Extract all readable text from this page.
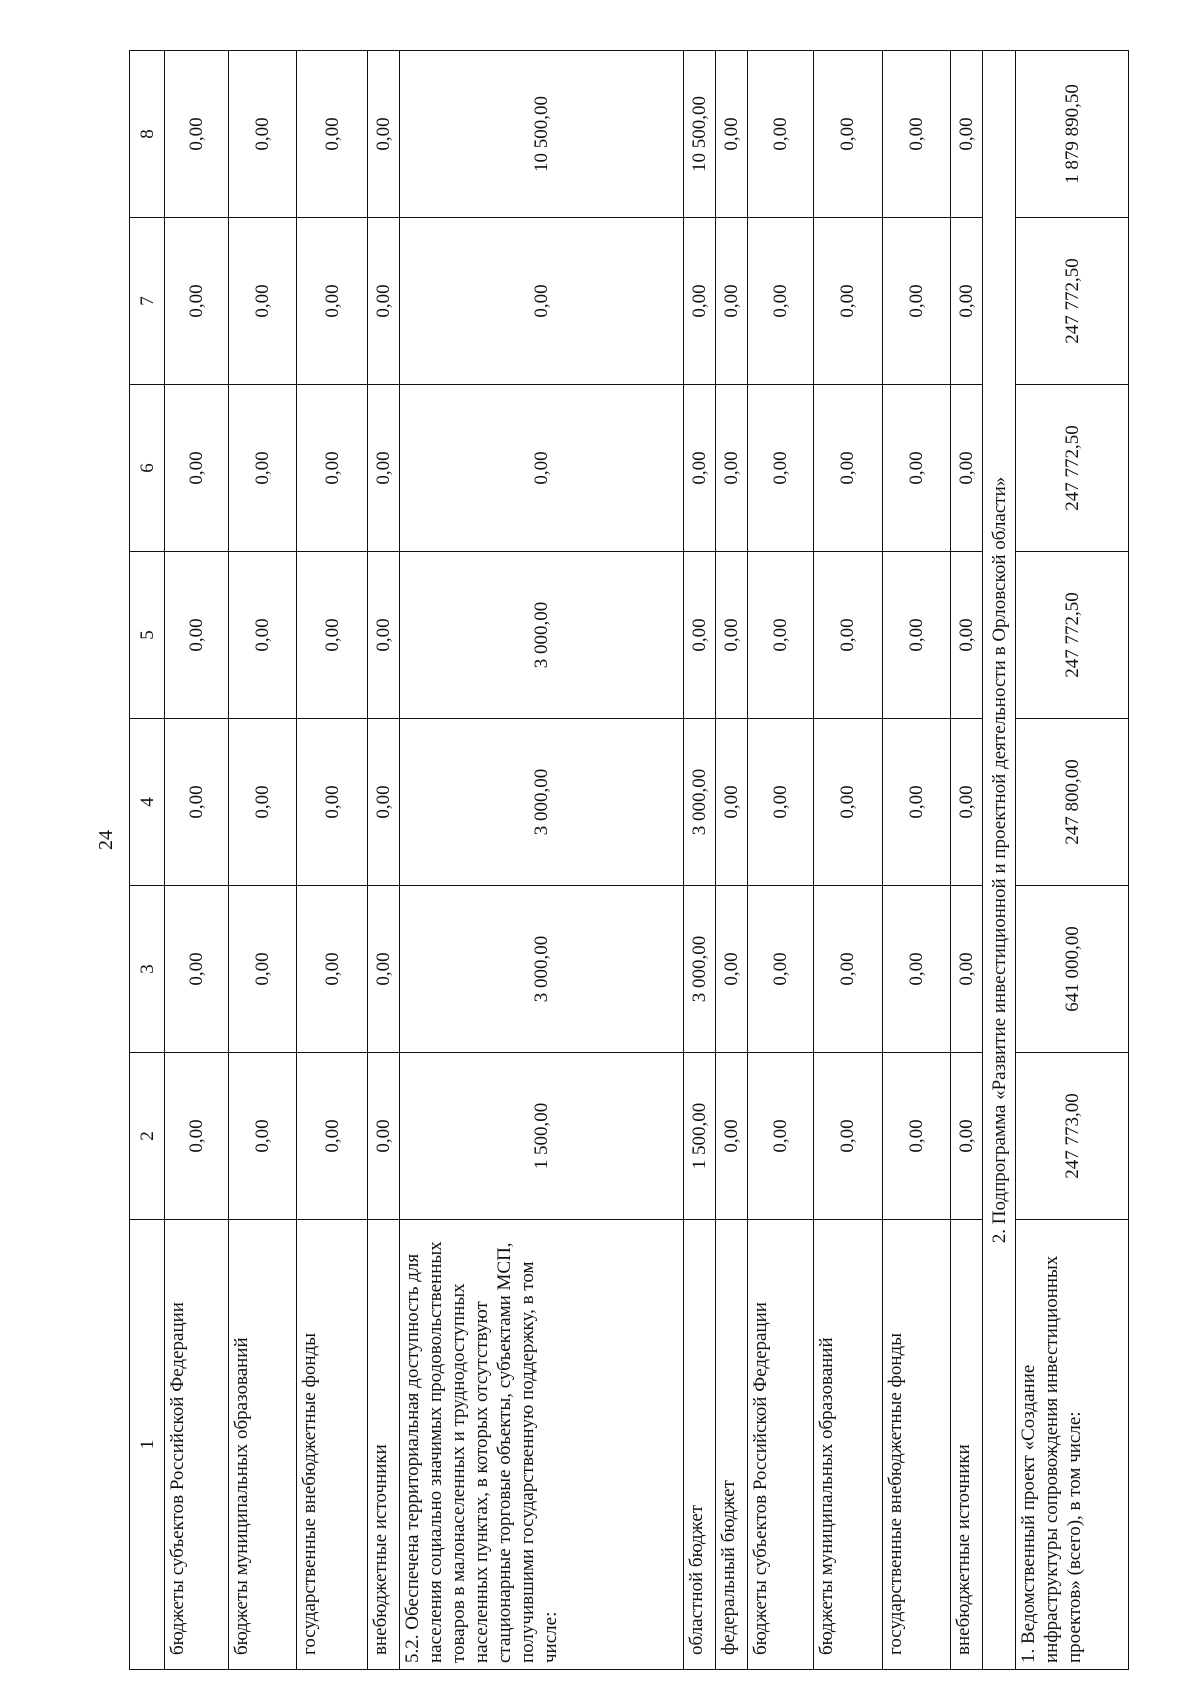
24
1	2	3	4	5	6	7	8
бюджеты субъектов Российской Федерации	0,00	0,00	0,00	0,00	0,00	0,00	0,00
бюджеты муниципальных образований	0,00	0,00	0,00	0,00	0,00	0,00	0,00
государственные внебюджетные фонды	0,00	0,00	0,00	0,00	0,00	0,00	0,00
внебюджетные источники	0,00	0,00	0,00	0,00	0,00	0,00	0,00
5.2. Обеспечена территориальная доступность для населения социально значимых продовольственных товаров в малонаселенных и труднодоступных населенных пунктах, в которых отсутствуют стационарные торговые объекты, субъектами МСП, получившими государственную поддержку, в том числе:	1 500,00	3 000,00	3 000,00	3 000,00	0,00	0,00	10 500,00
областной бюджет	1 500,00	3 000,00	3 000,00	0,00	0,00	0,00	10 500,00
федеральный бюджет	0,00	0,00	0,00	0,00	0,00	0,00	0,00
бюджеты субъектов Российской Федерации	0,00	0,00	0,00	0,00	0,00	0,00	0,00
бюджеты муниципальных образований	0,00	0,00	0,00	0,00	0,00	0,00	0,00
государственные внебюджетные фонды	0,00	0,00	0,00	0,00	0,00	0,00	0,00
внебюджетные источники	0,00	0,00	0,00	0,00	0,00	0,00	0,00
2. Подпрограмма «Развитие инвестиционной и проектной деятельности в Орловской области»							
1. Ведомственный проект «Создание инфраструктуры сопровождения инвестиционных проектов» (всего), в том числе:	247 773,00	641 000,00	247 800,00	247 772,50	247 772,50	247 772,50	1 879 890,50
